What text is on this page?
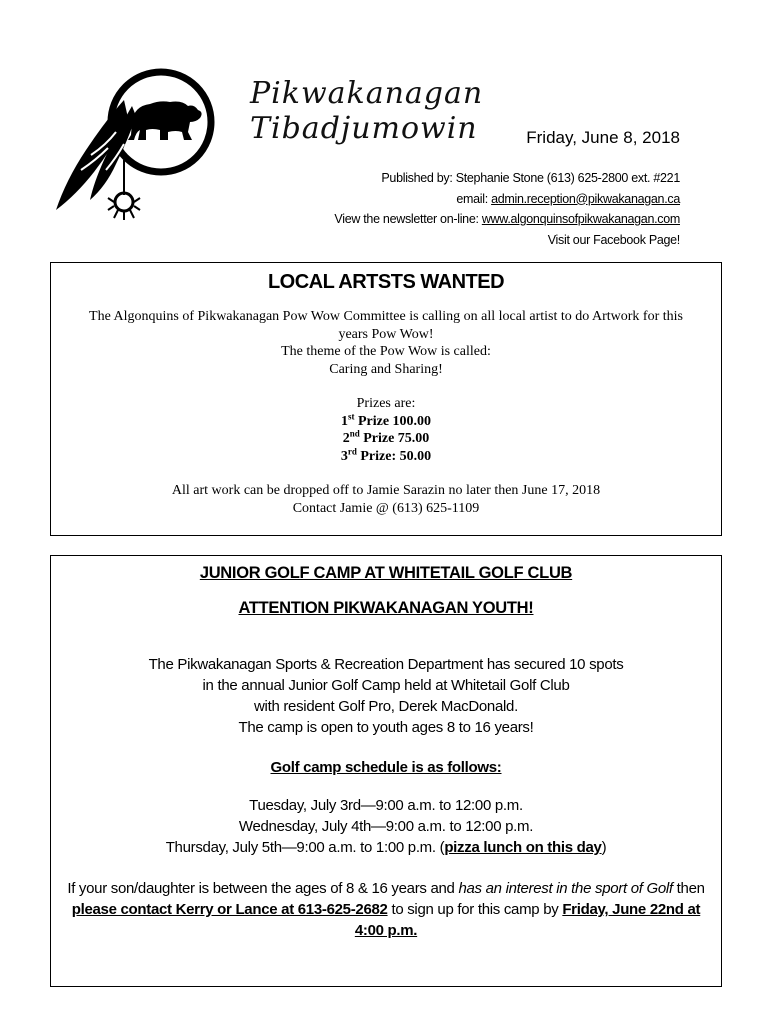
Pikwakanagan Tibadjumowin	Friday, June 8, 2018
Published by: Stephanie Stone (613) 625-2800 ext. #221
email: admin.reception@pikwakanagan.ca
View the newsletter on-line: www.algonquinsofpikwakanagan.com
Visit our Facebook Page!
LOCAL ARTSTS WANTED
The Algonquins of Pikwakanagan Pow Wow Committee is calling on all local artist to do Artwork for this
years Pow Wow!
The theme of the Pow Wow is called:
Caring and Sharing!
Prizes are:
1st Prize 100.00
2nd Prize 75.00
3rd Prize: 50.00
All art work can be dropped off to Jamie Sarazin no later then June 17, 2018
Contact Jamie @ (613) 625-1109
JUNIOR GOLF CAMP AT WHITETAIL GOLF CLUB
ATTENTION PIKWAKANAGAN YOUTH!
The Pikwakanagan Sports & Recreation Department has secured 10 spots
in the annual Junior Golf Camp held at Whitetail Golf Club
with resident Golf Pro, Derek MacDonald.
The camp is open to youth ages 8 to 16 years!
Golf camp schedule is as follows:
Tuesday, July 3rd—9:00 a.m. to 12:00 p.m.
Wednesday, July 4th—9:00 a.m. to 12:00 p.m.
Thursday, July 5th—9:00 a.m. to 1:00 p.m. (pizza lunch on this day)
If your son/daughter is between the ages of 8 & 16 years and has an interest in the sport of Golf then please contact Kerry or Lance at 613-625-2682 to sign up for this camp by Friday, June 22nd at 4:00 p.m.
